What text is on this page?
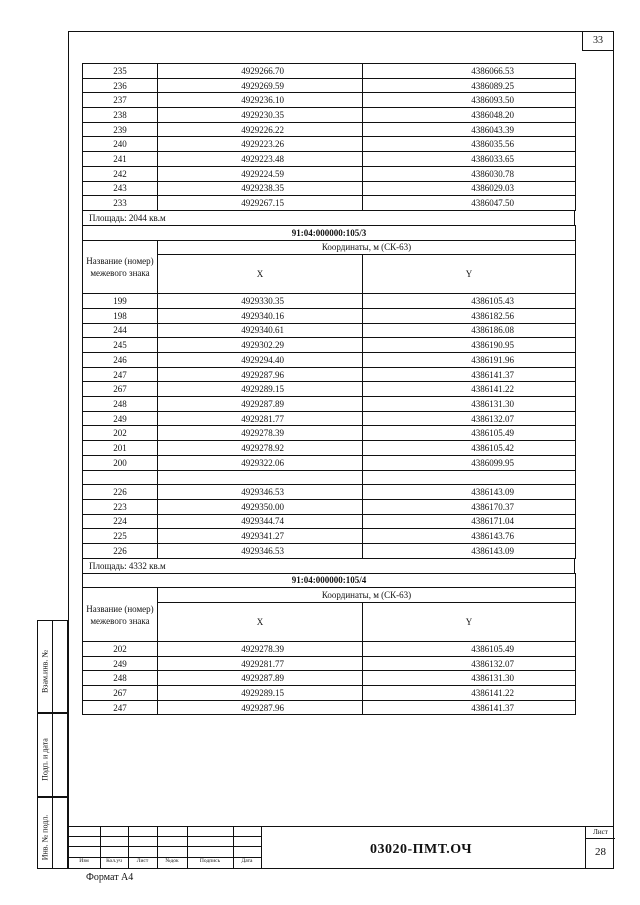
33
235	4929266.70	4386066.53
236	4929269.59	4386089.25
237	4929236.10	4386093.50
238	4929230.35	4386048.20
239	4929226.22	4386043.39
240	4929223.26	4386035.56
241	4929223.48	4386033.65
242	4929224.59	4386030.78
243	4929238.35	4386029.03
233	4929267.15	4386047.50
Площадь: 2044 кв.м
91:04:000000:105/3		
Название (номер) межевого знака	Координаты, м (СК-63)	
	X	Y
199	4929330.35	4386105.43
198	4929340.16	4386182.56
244	4929340.61	4386186.08
245	4929302.29	4386190.95
246	4929294.40	4386191.96
247	4929287.96	4386141.37
267	4929289.15	4386141.22
248	4929287.89	4386131.30
249	4929281.77	4386132.07
202	4929278.39	4386105.49
201	4929278.92	4386105.42
200	4929322.06	4386099.95

226	4929346.53	4386143.09
223	4929350.00	4386170.37
224	4929344.74	4386171.04
225	4929341.27	4386143.76
226	4929346.53	4386143.09
Площадь: 4332 кв.м
91:04:000000:105/4		
Название (номер) межевого знака	Координаты, м (СК-63)	
	X	Y
202	4929278.39	4386105.49
249	4929281.77	4386132.07
248	4929287.89	4386131.30
267	4929289.15	4386141.22
247	4929287.96	4386141.37
Взам.инв. №
Подп. и дата
Инв. № подл.
Изм	Кол.уч	Лист	№док	Подпись	Дата
03020-ПМТ.ОЧ
Лист
28
Формат А4
